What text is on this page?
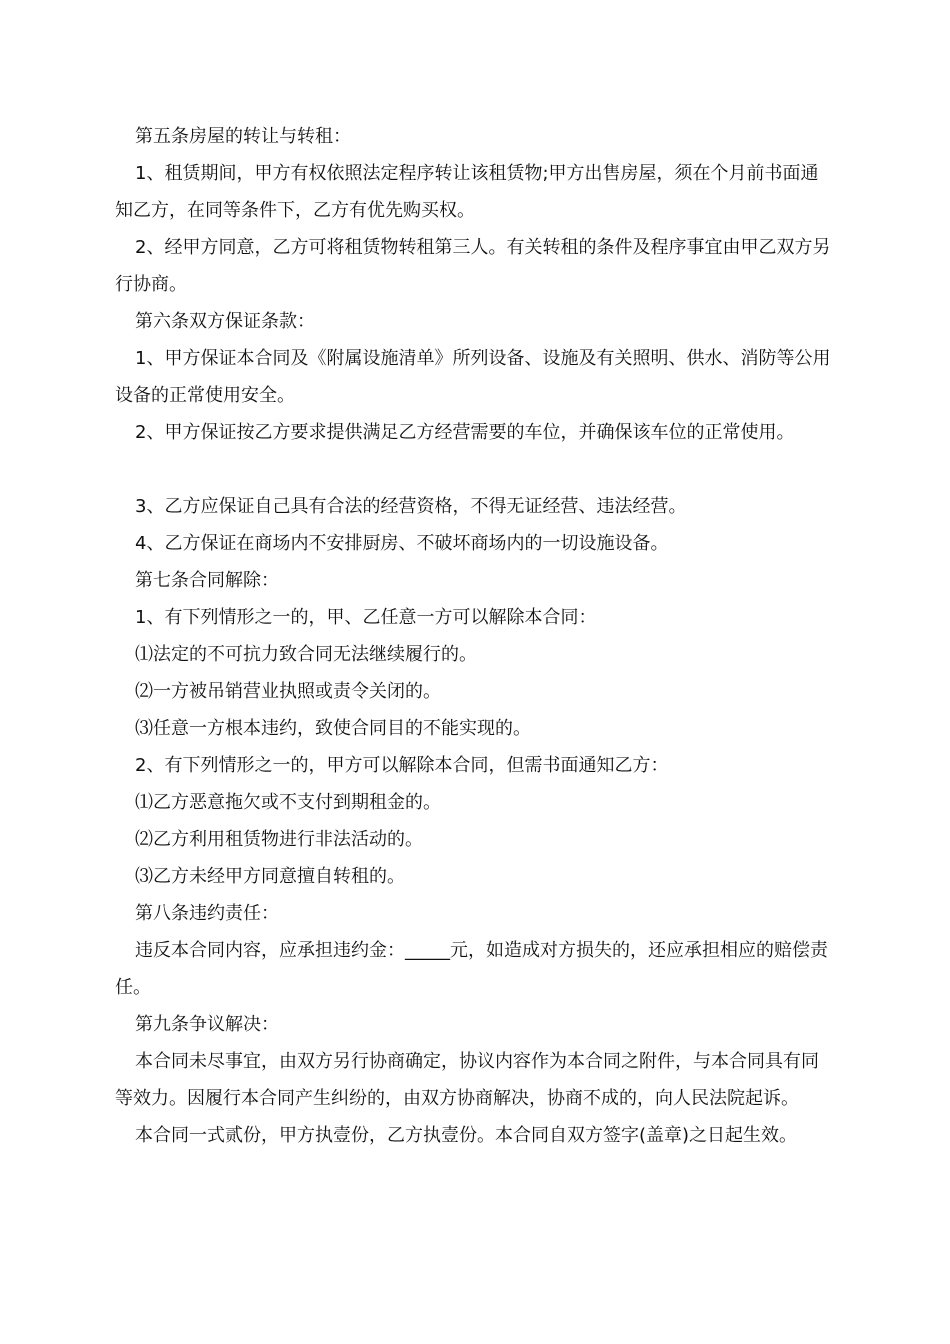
第五条房屋的转让与转租：

1、租赁期间，甲方有权依照法定程序转让该租赁物;甲方出售房屋，须在个月前书面通知乙方，在同等条件下，乙方有优先购买权。

2、经甲方同意，乙方可将租赁物转租第三人。有关转租的条件及程序事宜由甲乙双方另行协商。

第六条双方保证条款：

1、甲方保证本合同及《附属设施清单》所列设备、设施及有关照明、供水、消防等公用设备的正常使用安全。

2、甲方保证按乙方要求提供满足乙方经营需要的车位，并确保该车位的正常使用。

3、乙方应保证自己具有合法的经营资格，不得无证经营、违法经营。

4、乙方保证在商场内不安排厨房、不破坏商场内的一切设施设备。

第七条合同解除：

1、有下列情形之一的，甲、乙任意一方可以解除本合同：

⑴法定的不可抗力致合同无法继续履行的。

⑵一方被吊销营业执照或责令关闭的。

⑶任意一方根本违约，致使合同目的不能实现的。

2、有下列情形之一的，甲方可以解除本合同，但需书面通知乙方：

⑴乙方恶意拖欠或不支付到期租金的。

⑵乙方利用租赁物进行非法活动的。

⑶乙方未经甲方同意擅自转租的。

第八条违约责任：

违反本合同内容，应承担违约金：_____元，如造成对方损失的，还应承担相应的赔偿责任。

第九条争议解决：

本合同未尽事宜，由双方另行协商确定，协议内容作为本合同之附件，与本合同具有同等效力。因履行本合同产生纠纷的，由双方协商解决，协商不成的，向人民法院起诉。

本合同一式贰份，甲方执壹份，乙方执壹份。本合同自双方签字(盖章)之日起生效。
